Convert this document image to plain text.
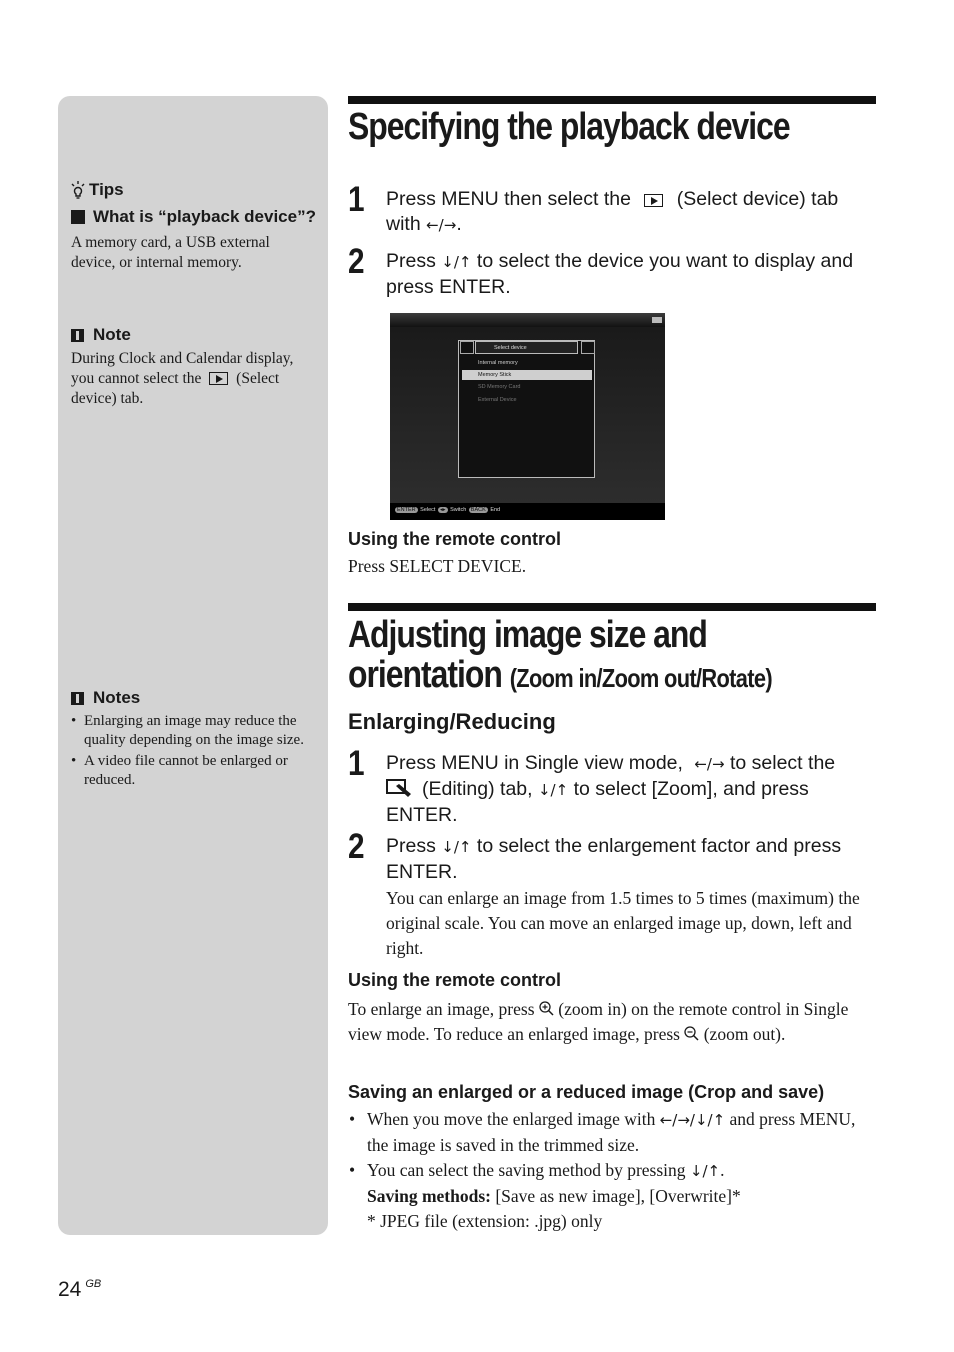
Tips
What is “playback device”?
A memory card, a USB external device, or internal memory.
Note
During Clock and Calendar display, you cannot select the (Select device) tab.
Notes
• Enlarging an image may reduce the quality depending on the image size.
• A video file cannot be enlarged or reduced.
Specifying the playback device
1 Press MENU then select the (Select device) tab with ←/→.
2 Press ↓/↑ to select the device you want to display and press ENTER.
Select device
Internal memory
Memory Stick
SD Memory Card
External Device
ENTER Select ◂▸ Switch BACK End
Using the remote control
Press SELECT DEVICE.
Adjusting image size and
orientation (Zoom in/Zoom out/Rotate)
Enlarging/Reducing
1 Press MENU in Single view mode, ←/→ to select the
(Editing) tab, ↓/↑ to select [Zoom], and press ENTER.
2 Press ↓/↑ to select the enlargement factor and press ENTER.
You can enlarge an image from 1.5 times to 5 times (maximum) the original scale. You can move an enlarged image up, down, left and right.
Using the remote control
To enlarge an image, press (zoom in) on the remote control in Single view mode. To reduce an enlarged image, press (zoom out).
Saving an enlarged or a reduced image (Crop and save)
• When you move the enlarged image with ←/→/↓/↑ and press MENU, the image is saved in the trimmed size.
• You can select the saving method by pressing ↓/↑.
Saving methods: [Save as new image], [Overwrite]*
* JPEG file (extension: .jpg) only
24 $^{GB}$
